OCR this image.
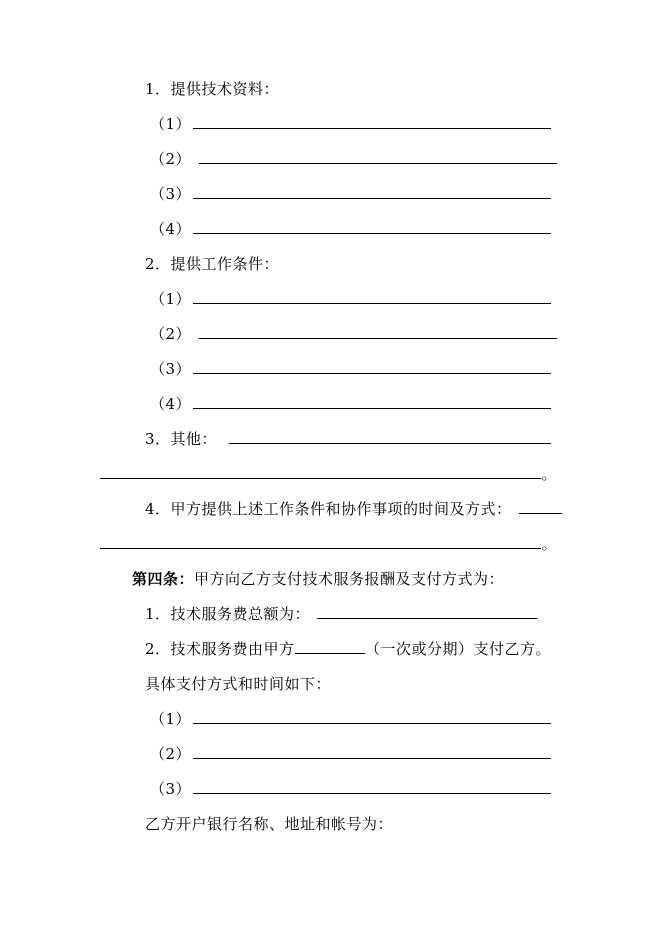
1．提供技术资料：
（1）
（2）
（3）
（4）
2．提供工作条件：
（1）
（2）
（3）
（4）
3．其他：
。
4．甲方提供上述工作条件和协作事项的时间及方式：
。
第四条： 甲方向乙方支付技术服务报酬及支付方式为：
1．技术服务费总额为：
2．技术服务费由甲方	（一次或分期）支付乙方。
具体支付方式和时间如下：
（1）
（2）
（3）
乙方开户银行名称、地址和帐号为：
